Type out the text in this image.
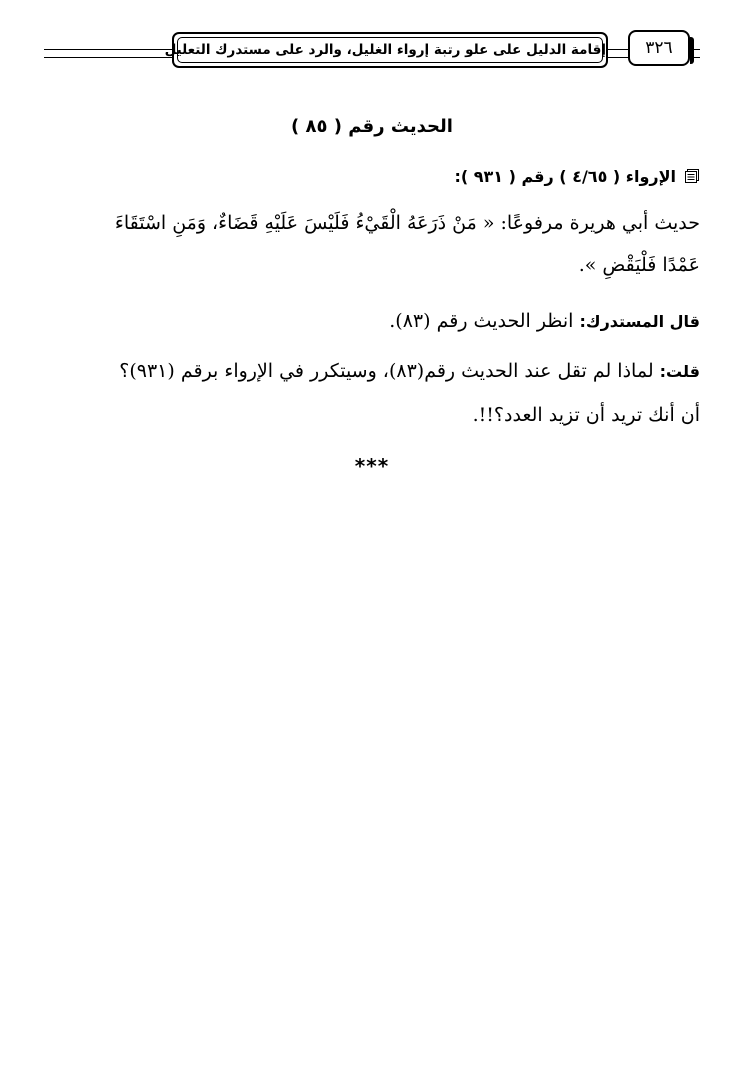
إقامة الدليل على علو رتبة إرواء الغليل، والرد على مستدرك التعليل	٣٢٦
الحديث رقم ( ٨٥ )
الإرواء ( ٤/٦٥ ) رقم ( ٩٣١ ):
حديث أبي هريرة مرفوعًا: « مَنْ ذَرَعَهُ الْقَيْءُ فَلَيْسَ عَلَيْهِ قَضَاءٌ، وَمَنِ اسْتَقَاءَ
عَمْدًا فَلْيَقْضِ ».
قال المستدرك: انظر الحديث رقم (٨٣).
قلت: لماذا لم تقل عند الحديث رقم(٨٣)، وسيتكرر في الإرواء برقم (٩٣١)؟
أن أنك تريد أن تزيد العدد؟!!.
***
